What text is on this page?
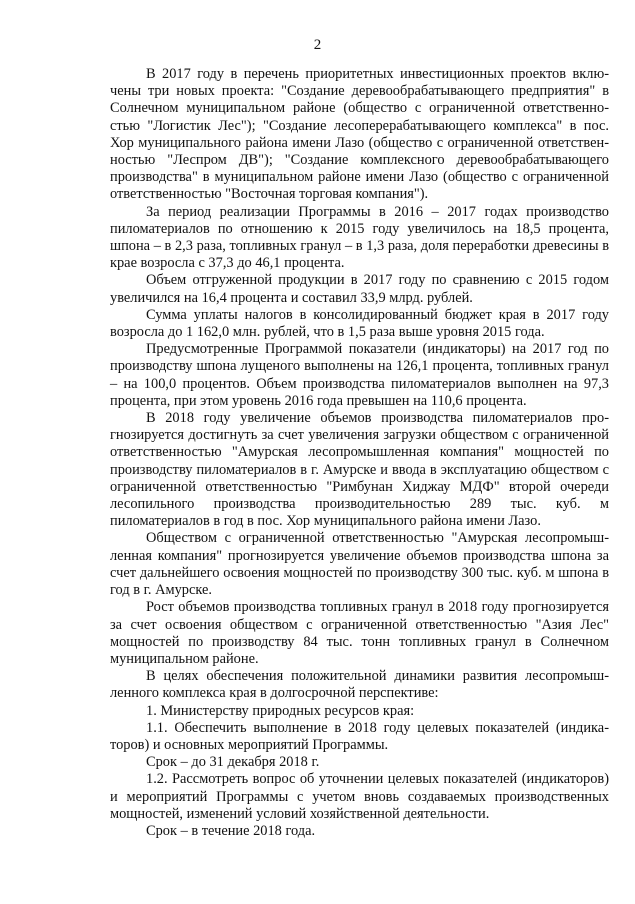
2

В 2017 году в перечень приоритетных инвестиционных проектов включены три новых проекта: "Создание деревообрабатывающего предприятия" в Солнечном муниципальном районе (общество с ограниченной ответственностью "Логистик Лес"); "Создание лесоперерабатывающего комплекса" в пос. Хор муниципального района имени Лазо (общество с ограниченной ответственностью "Леспром ДВ"); "Создание комплексного деревообрабатывающего производства" в муниципальном районе имени Лазо (общество с ограниченной ответственностью "Восточная торговая компания").

За период реализации Программы в 2016 – 2017 годах производство пиломатериалов по отношению к 2015 году увеличилось на 18,5 процента, шпона – в 2,3 раза, топливных гранул – в 1,3 раза, доля переработки древесины в крае возросла с 37,3 до 46,1 процента.

Объем отгруженной продукции в 2017 году по сравнению с 2015 годом увеличился на 16,4 процента и составил 33,9 млрд. рублей.

Сумма уплаты налогов в консолидированный бюджет края в 2017 году возросла до 1 162,0 млн. рублей, что в 1,5 раза выше уровня 2015 года.

Предусмотренные Программой показатели (индикаторы) на 2017 год по производству шпона лущеного выполнены на 126,1 процента, топливных гранул – на 100,0 процентов. Объем производства пиломатериалов выполнен на 97,3 процента, при этом уровень 2016 года превышен на 110,6 процента.

В 2018 году увеличение объемов производства пиломатериалов прогнозируется достигнуть за счет увеличения загрузки обществом с ограниченной ответственностью "Амурская лесопромышленная компания" мощностей по производству пиломатериалов в г. Амурске и ввода в эксплуатацию обществом с ограниченной ответственностью "Римбунан Хиджау МДФ" второй очереди лесопильного производства производительностью 289 тыс. куб. м пиломатериалов в год в пос. Хор муниципального района имени Лазо.

Обществом с ограниченной ответственностью "Амурская лесопромышленная компания" прогнозируется увеличение объемов производства шпона за счет дальнейшего освоения мощностей по производству 300 тыс. куб. м шпона в год в г. Амурске.

Рост объемов производства топливных гранул в 2018 году прогнозируется за счет освоения обществом с ограниченной ответственностью "Азия Лес" мощностей по производству 84 тыс. тонн топливных гранул в Солнечном муниципальном районе.

В целях обеспечения положительной динамики развития лесопромышленного комплекса края в долгосрочной перспективе:

1. Министерству природных ресурсов края:

1.1. Обеспечить выполнение в 2018 году целевых показателей (индикаторов) и основных мероприятий Программы.

Срок – до 31 декабря 2018 г.

1.2. Рассмотреть вопрос об уточнении целевых показателей (индикаторов) и мероприятий Программы с учетом вновь создаваемых производственных мощностей, изменений условий хозяйственной деятельности.

Срок – в течение 2018 года.
